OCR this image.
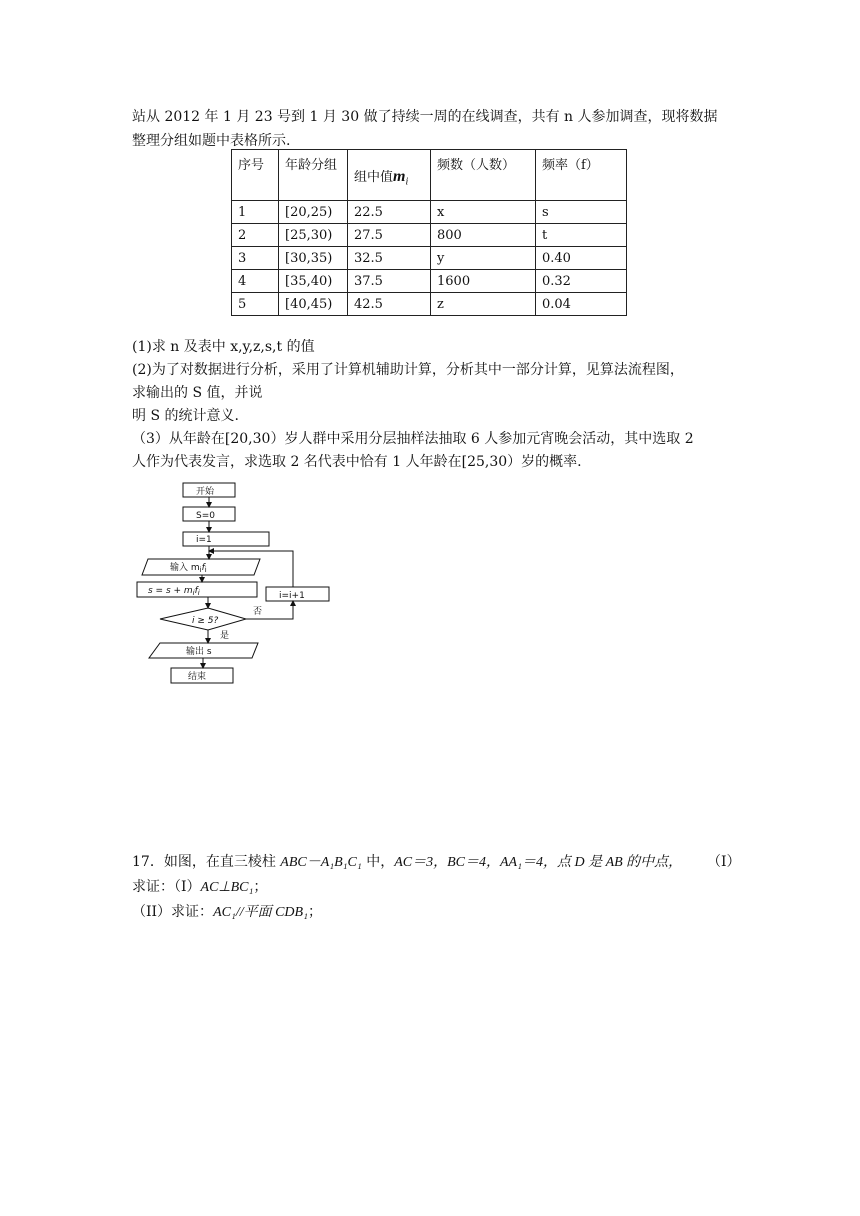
站从 2012 年 1 月 23 号到 1 月 30 做了持续一周的在线调查，共有 n 人参加调查，现将数据
整理分组如题中表格所示.
序号	年龄分组	组中值$m_i$	频数（人数）	频率（f）
1	[20,25)	22.5	x	s
2	[25,30)	27.5	800	t
3	[30,35)	32.5	y	0.40
4	[35,40)	37.5	1600	0.32
5	[40,45)	42.5	z	0.04
(1)求 n 及表中 x,y,z,s,t 的值
(2)为了对数据进行分析，采用了计算机辅助计算，分析其中一部分计算，见算法流程图，
求输出的 S 值，并说
明 S 的统计意义.
（3）从年龄在[20,30）岁人群中采用分层抽样法抽取 6 人参加元宵晚会活动，其中选取 2
人作为代表发言，求选取 2 名代表中恰有 1 人年龄在[25,30）岁的概率.
开始
S=0
i=1
输入 $m_if_i$
$s = s + m_if_i$	i=i+1
i ≥ 5?
否
是
输出 s
结束
17．如图，在直三棱柱 ABC－A₁B₁C₁ 中，AC＝3，BC＝4，AA₁＝4，点 D 是 AB 的中点， （I）
求证：（I）AC⊥BC₁；
（II）求证：AC₁//平面 CDB₁；
